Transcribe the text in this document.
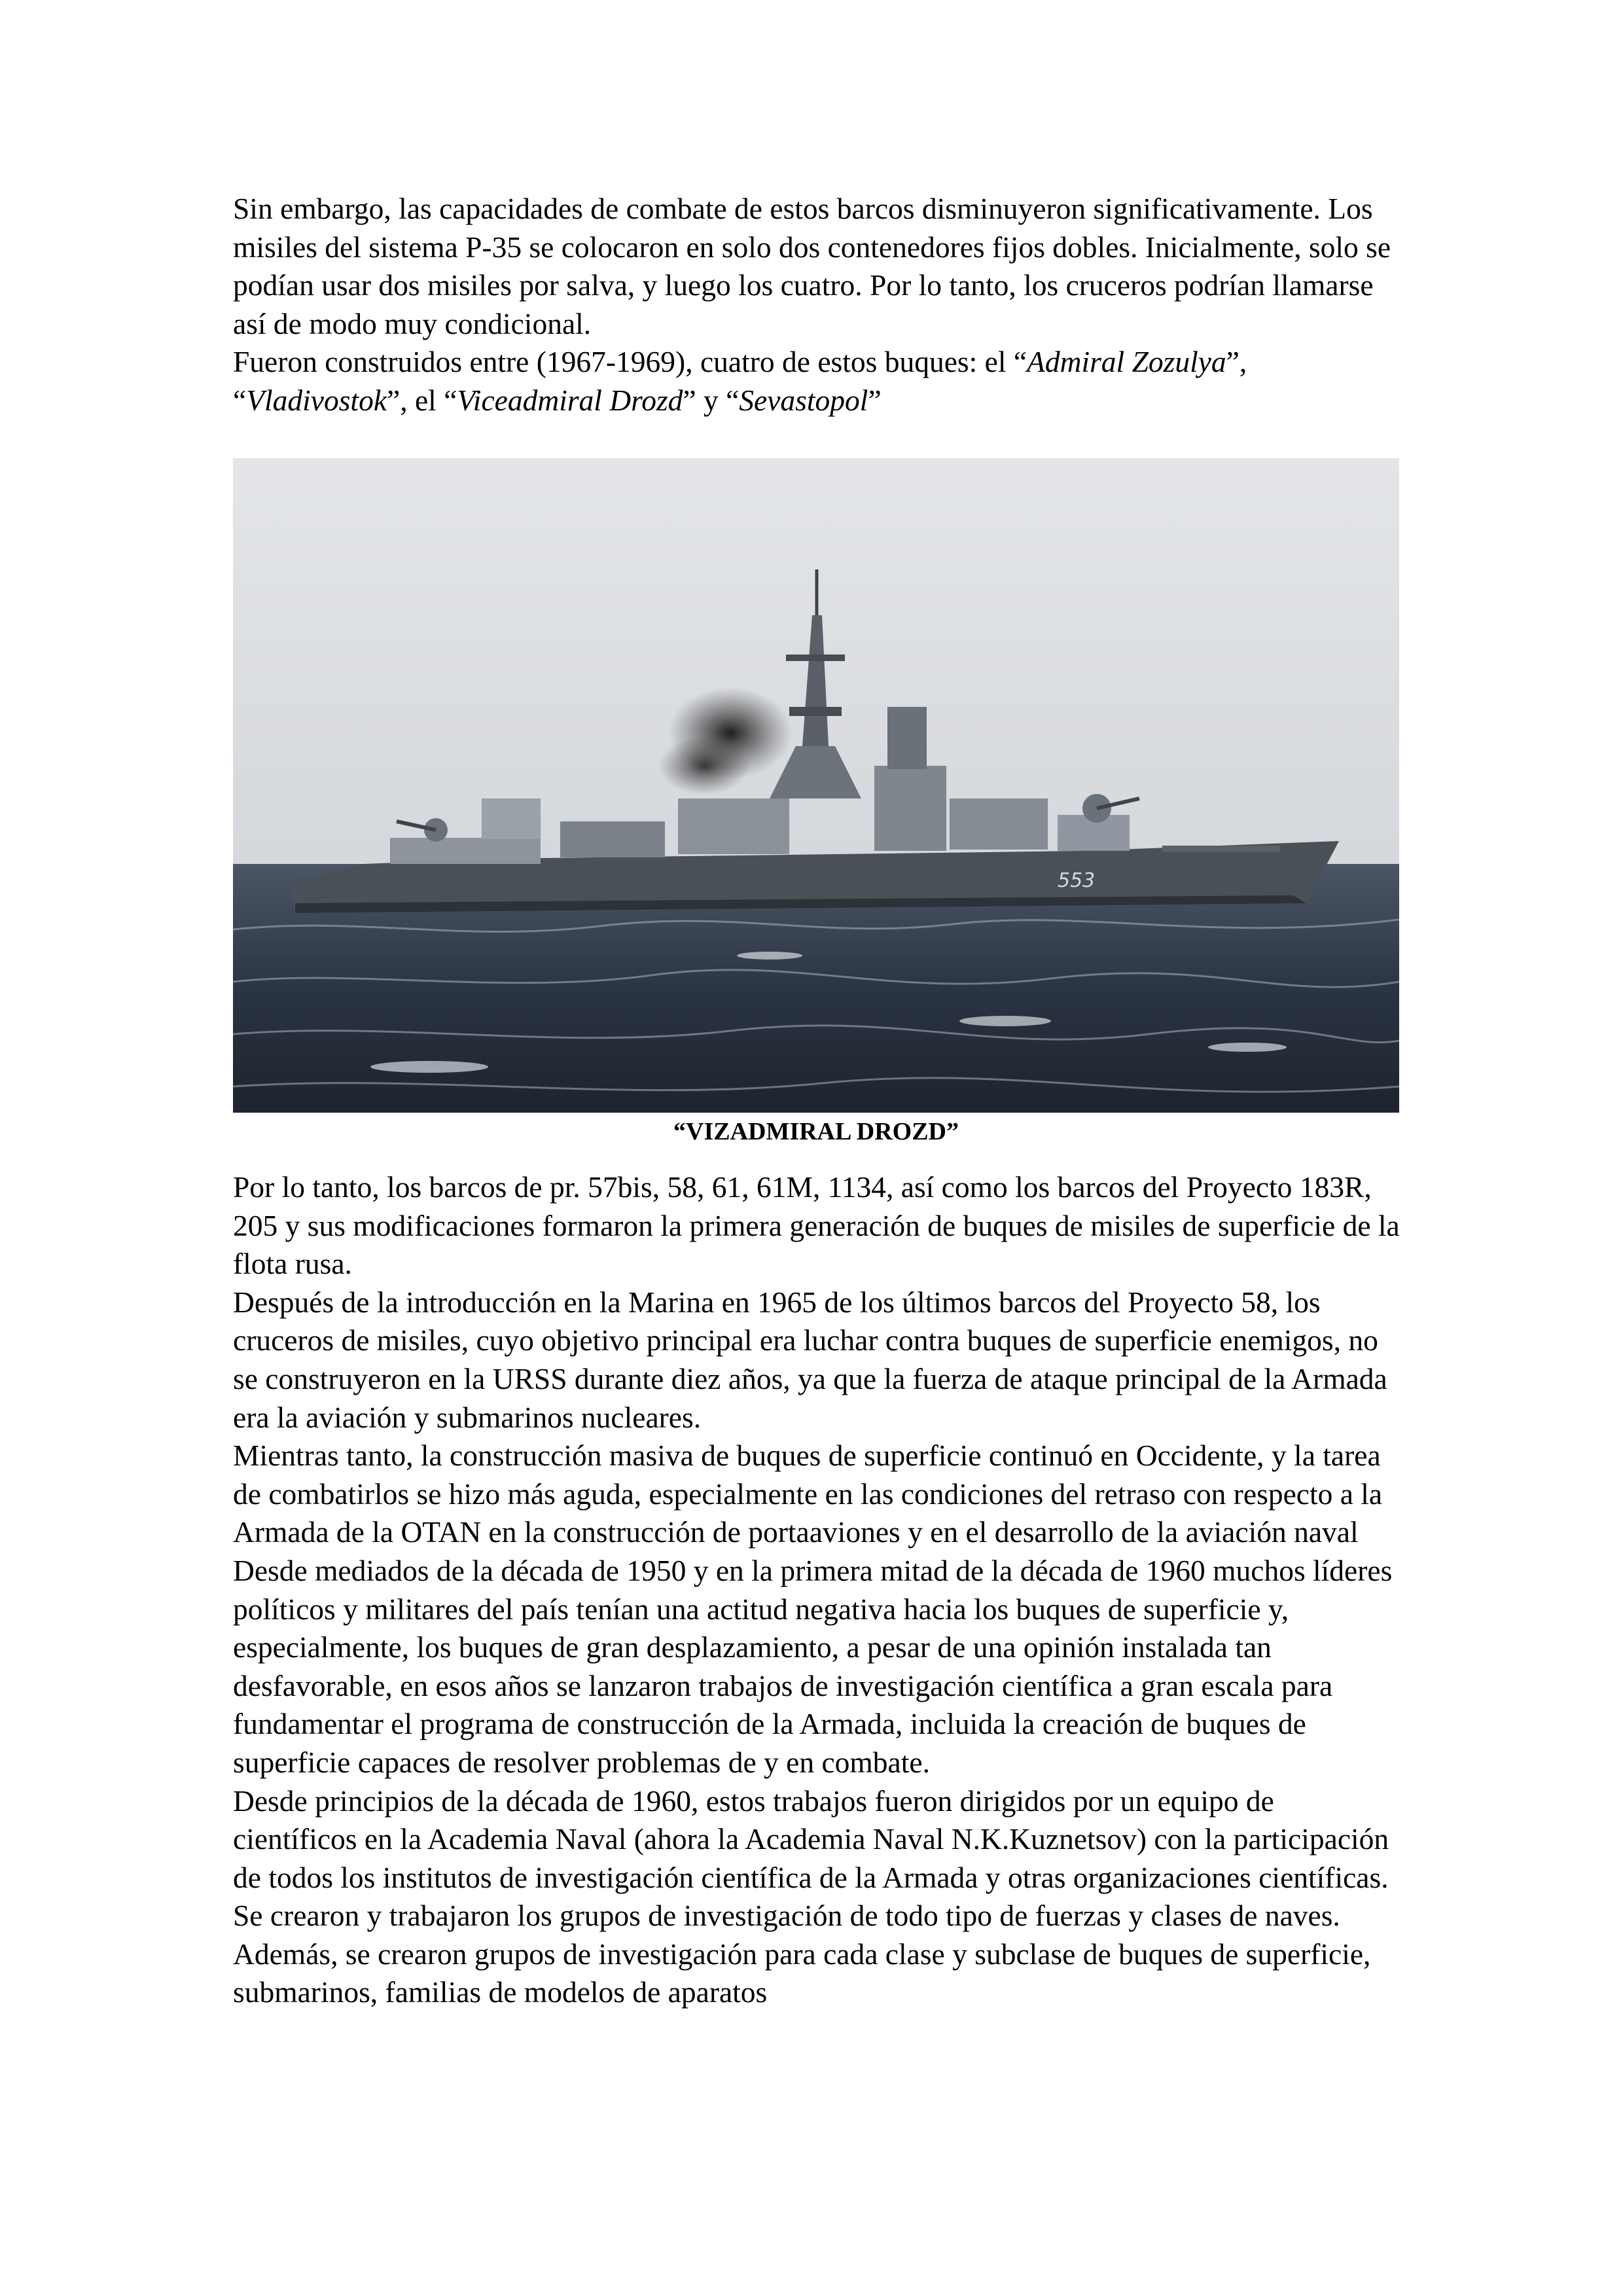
Sin embargo, las capacidades de combate de estos barcos disminuyeron significativamente. Los misiles del sistema P-35 se colocaron en solo dos contenedores fijos dobles. Inicialmente, solo se podían usar dos misiles por salva, y luego los cuatro. Por lo tanto, los cruceros podrían llamarse así de modo muy condicional.

Fueron construidos entre (1967-1969), cuatro de estos buques: el “Admiral Zozulya”, “Vladivostok”, el “Viceadmiral Drozd” y “Sevastopol”

553
“VIZADMIRAL DROZD”

Por lo tanto, los barcos de pr. 57bis, 58, 61, 61M, 1134, así como los barcos del Proyecto 183R, 205 y sus modificaciones formaron la primera generación de buques de misiles de superficie de la flota rusa.

Después de la introducción en la Marina en 1965 de los últimos barcos del Proyecto 58, los cruceros de misiles, cuyo objetivo principal era luchar contra buques de superficie enemigos, no se construyeron en la URSS durante diez años, ya que la fuerza de ataque principal de la Armada era la aviación y submarinos nucleares.

Mientras tanto, la construcción masiva de buques de superficie continuó en Occidente, y la tarea de combatirlos se hizo más aguda, especialmente en las condiciones del retraso con respecto a la Armada de la OTAN en la construcción de portaaviones y en el desarrollo de la aviación naval

Desde mediados de la década de 1950 y en la primera mitad de la década de 1960 muchos líderes políticos y militares del país tenían una actitud negativa hacia los buques de superficie y, especialmente, los buques de gran desplazamiento, a pesar de una opinión instalada tan desfavorable, en esos años se lanzaron trabajos de investigación científica a gran escala para fundamentar el programa de construcción de la Armada, incluida la creación de buques de superficie capaces de resolver problemas de y en combate.

Desde principios de la década de 1960, estos trabajos fueron dirigidos por un equipo de científicos en la Academia Naval (ahora la Academia Naval N.K.Kuznetsov) con la participación de todos los institutos de investigación científica de la Armada y otras organizaciones científicas. Se crearon y trabajaron los grupos de investigación de todo tipo de fuerzas y clases de naves. Además, se crearon grupos de investigación para cada clase y subclase de buques de superficie, submarinos, familias de modelos de aparatos
